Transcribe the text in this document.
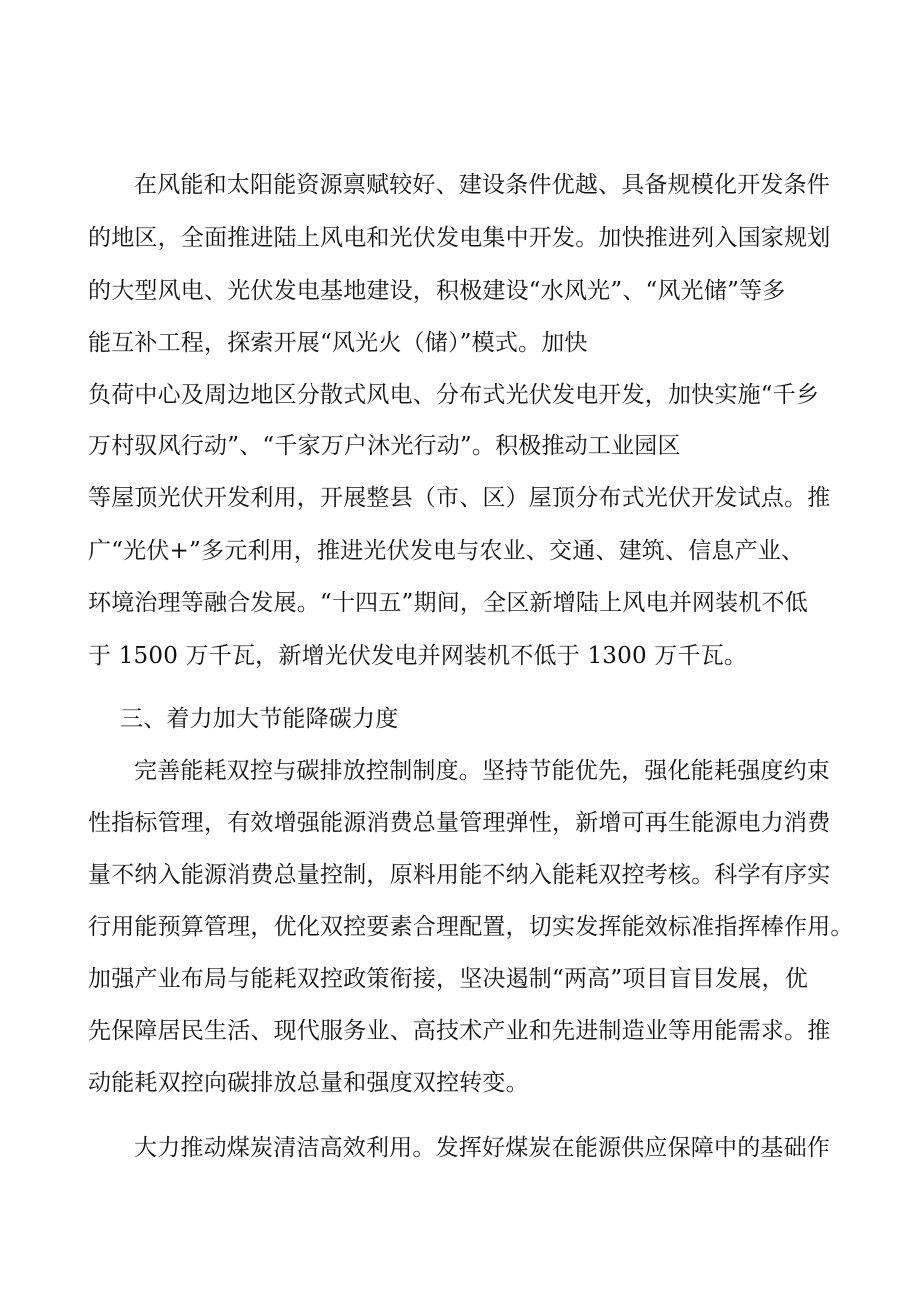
在风能和太阳能资源禀赋较好、建设条件优越、具备规模化开发条件
的地区，全面推进陆上风电和光伏发电集中开发。加快推进列入国家规划
的大型风电、光伏发电基地建设，积极建设“水风光”、“风光储”等多
能互补工程，探索开展“风光火（储）”模式。加快
负荷中心及周边地区分散式风电、分布式光伏发电开发，加快实施“千乡
万村驭风行动”、“千家万户沐光行动”。积极推动工业园区
等屋顶光伏开发利用，开展整县（市、区）屋顶分布式光伏开发试点。推
广“光伏+”多元利用，推进光伏发电与农业、交通、建筑、信息产业、
环境治理等融合发展。“十四五”期间，全区新增陆上风电并网装机不低
于 1500 万千瓦，新增光伏发电并网装机不低于 1300 万千瓦。
三、着力加大节能降碳力度
完善能耗双控与碳排放控制制度。坚持节能优先，强化能耗强度约束
性指标管理，有效增强能源消费总量管理弹性，新增可再生能源电力消费
量不纳入能源消费总量控制，原料用能不纳入能耗双控考核。科学有序实
行用能预算管理，优化双控要素合理配置，切实发挥能效标准指挥棒作用。
加强产业布局与能耗双控政策衔接，坚决遏制“两高”项目盲目发展，优
先保障居民生活、现代服务业、高技术产业和先进制造业等用能需求。推
动能耗双控向碳排放总量和强度双控转变。
大力推动煤炭清洁高效利用。发挥好煤炭在能源供应保障中的基础作
